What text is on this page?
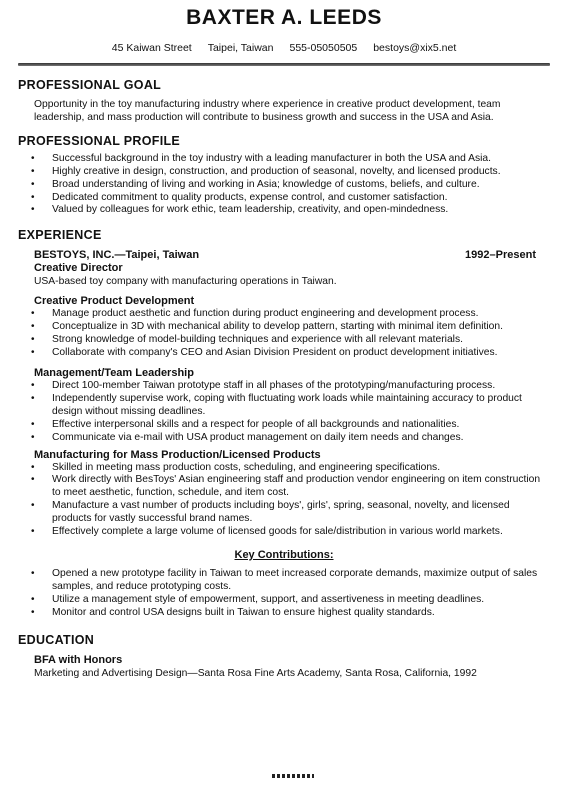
BAXTER A. LEEDS
45 Kaiwan Street Taipei, Taiwan 555-05050505 bestoys@xix5.net
PROFESSIONAL GOAL
Opportunity in the toy manufacturing industry where experience in creative product development, team leadership, and mass production will contribute to business growth and success in the USA and Asia.
PROFESSIONAL PROFILE
• Successful background in the toy industry with a leading manufacturer in both the USA and Asia.
• Highly creative in design, construction, and production of seasonal, novelty, and licensed products.
• Broad understanding of living and working in Asia; knowledge of customs, beliefs, and culture.
• Dedicated commitment to quality products, expense control, and customer satisfaction.
• Valued by colleagues for work ethic, team leadership, creativity, and open-mindedness.
EXPERIENCE
BESTOYS, INC.—Taipei, Taiwan	1992–Present
Creative Director
USA-based toy company with manufacturing operations in Taiwan.
Creative Product Development
• Manage product aesthetic and function during product engineering and development process.
• Conceptualize in 3D with mechanical ability to develop pattern, starting with minimal item definition.
• Strong knowledge of model-building techniques and experience with all relevant materials.
• Collaborate with company's CEO and Asian Division President on product development initiatives.
Management/Team Leadership
• Direct 100-member Taiwan prototype staff in all phases of the prototyping/manufacturing process.
• Independently supervise work, coping with fluctuating work loads while maintaining accuracy to product design without missing deadlines.
• Effective interpersonal skills and a respect for people of all backgrounds and nationalities.
• Communicate via e-mail with USA product management on daily item needs and changes.
Manufacturing for Mass Production/Licensed Products
• Skilled in meeting mass production costs, scheduling, and engineering specifications.
• Work directly with BesToys' Asian engineering staff and production vendor engineering on item construction to meet aesthetic, function, schedule, and item cost.
• Manufacture a vast number of products including boys', girls', spring, seasonal, novelty, and licensed products for vastly successful brand names.
• Effectively complete a large volume of licensed goods for sale/distribution in various world markets.
Key Contributions:
• Opened a new prototype facility in Taiwan to meet increased corporate demands, maximize output of sales samples, and reduce prototyping costs.
• Utilize a management style of empowerment, support, and assertiveness in meeting deadlines.
• Monitor and control USA designs built in Taiwan to ensure highest quality standards.
EDUCATION
BFA with Honors
Marketing and Advertising Design—Santa Rosa Fine Arts Academy, Santa Rosa, California, 1992
